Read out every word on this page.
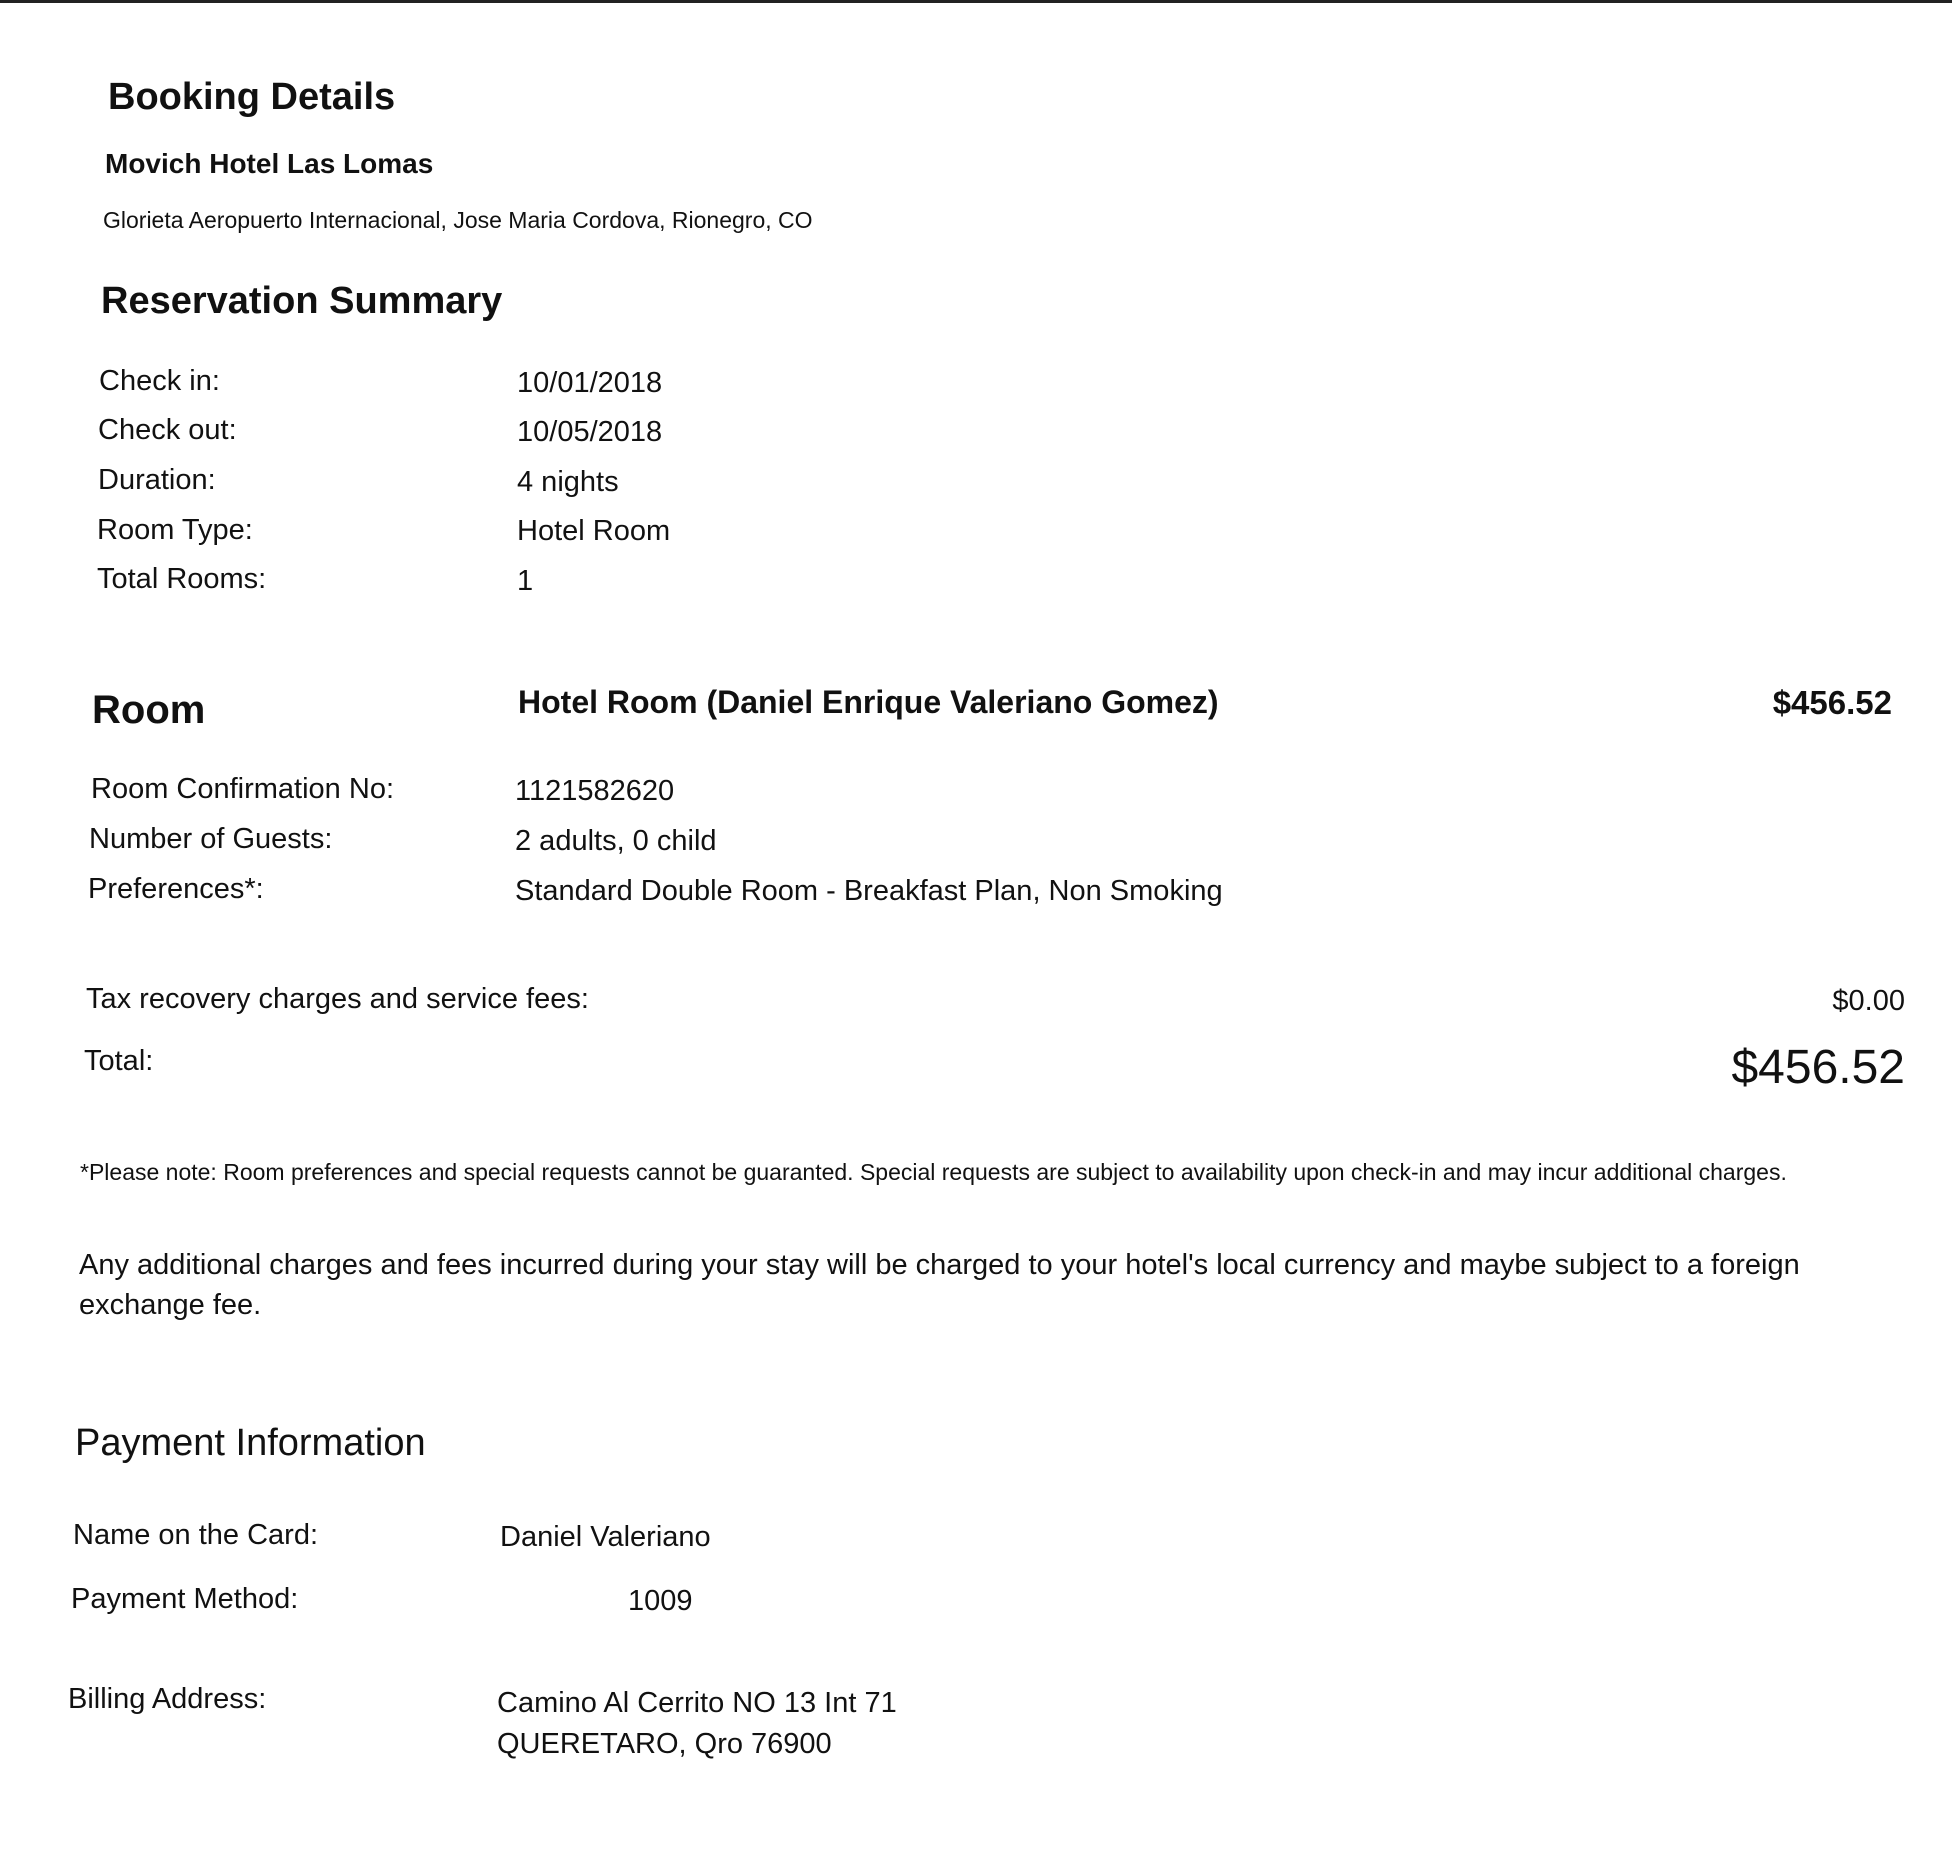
Booking Details
Movich Hotel Las Lomas
Glorieta Aeropuerto Internacional, Jose Maria Cordova, Rionegro, CO
Reservation Summary
Check in:	10/01/2018
Check out:	10/05/2018
Duration:	4 nights
Room Type:	Hotel Room
Total Rooms:	1
Room	Hotel Room (Daniel Enrique Valeriano Gomez)	$456.52
Room Confirmation No:	1121582620
Number of Guests:	2 adults, 0 child
Preferences*:	Standard Double Room - Breakfast Plan, Non Smoking
Tax recovery charges and service fees:	$0.00
Total:	$456.52
*Please note: Room preferences and special requests cannot be guaranted. Special requests are subject to availability upon check-in and may incur additional charges.
Any additional charges and fees incurred during your stay will be charged to your hotel's local currency and maybe subject to a foreign exchange fee.
Payment Information
Name on the Card:	Daniel Valeriano
Payment Method:	1009
Billing Address:	Camino Al Cerrito NO 13 Int 71
QUERETARO, Qro 76900
